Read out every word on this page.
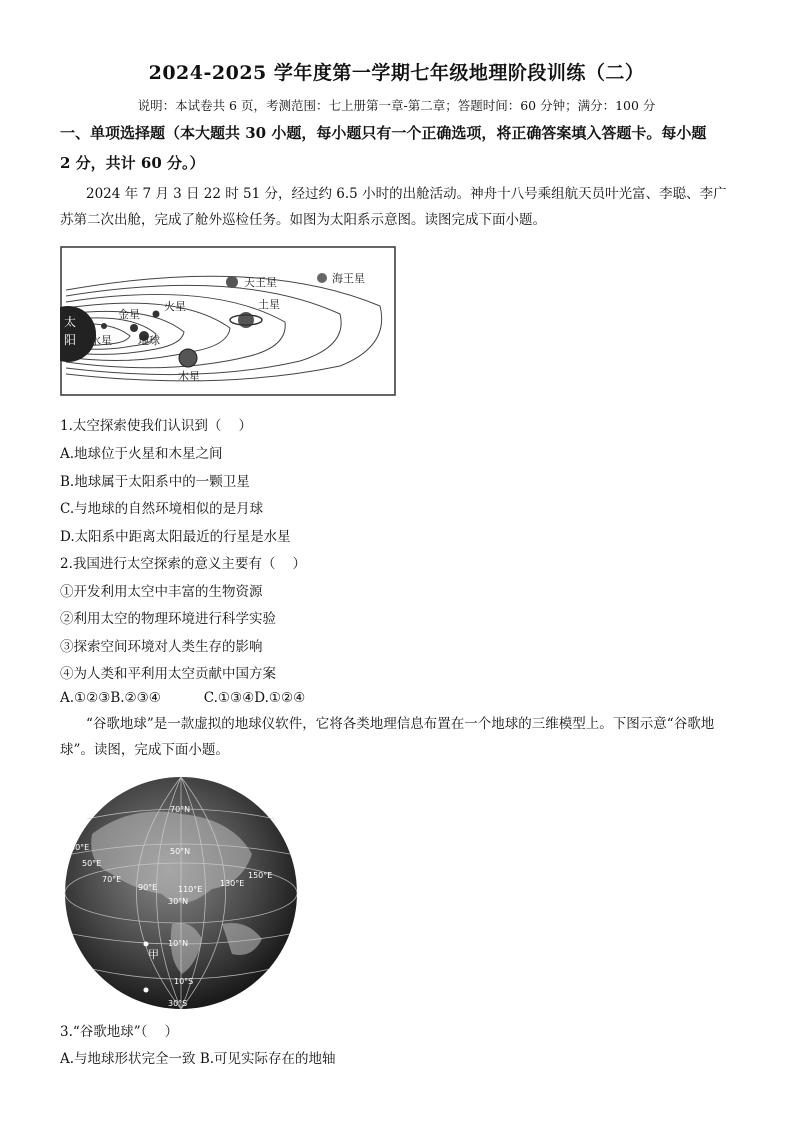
2024-2025 学年度第一学期七年级地理阶段训练（二）
说明：本试卷共 6 页，考测范围：七上册第一章-第二章；答题时间：60 分钟；满分：100 分
一、单项选择题（本大题共 30 小题，每小题只有一个正确选项，将正确答案填入答题卡。每小题
2 分，共计 60 分。）
2024 年 7 月 3 日 22 时 51 分，经过约 6.5 小时的出舱活动。神舟十八号乘组航天员叶光富、李聪、李广苏第二次出舱，完成了舱外巡检任务。如图为太阳系示意图。读图完成下面小题。
太
阳 水星
金星
地球
火星
木星
土星
天王星	海王星
1.太空探索使我们认识到（    ）
A.地球位于火星和木星之间
B.地球属于太阳系中的一颗卫星
C.与地球的自然环境相似的是月球
D.太阳系中距离太阳最近的行星是水星
2.我国进行太空探索的意义主要有（    ）
①开发利用太空中丰富的生物资源
②利用太空的物理环境进行科学实验
③探索空间环境对人类生存的影响
④为人类和平利用太空贡献中国方案
A.①②③B.②③④          C.①③④D.①②④
“谷歌地球”是一款虚拟的地球仪软件，它将各类地理信息布置在一个地球的三维模型上。下图示意“谷歌地球”。读图，完成下面小题。
70°N
50°N
30°E
50°E
70°E
90°E	110°E
130°E
150°E
30°N
10°N
10°S
30°S
甲
3.“谷歌地球”（    ）
A.与地球形状完全一致 B.可见实际存在的地轴
